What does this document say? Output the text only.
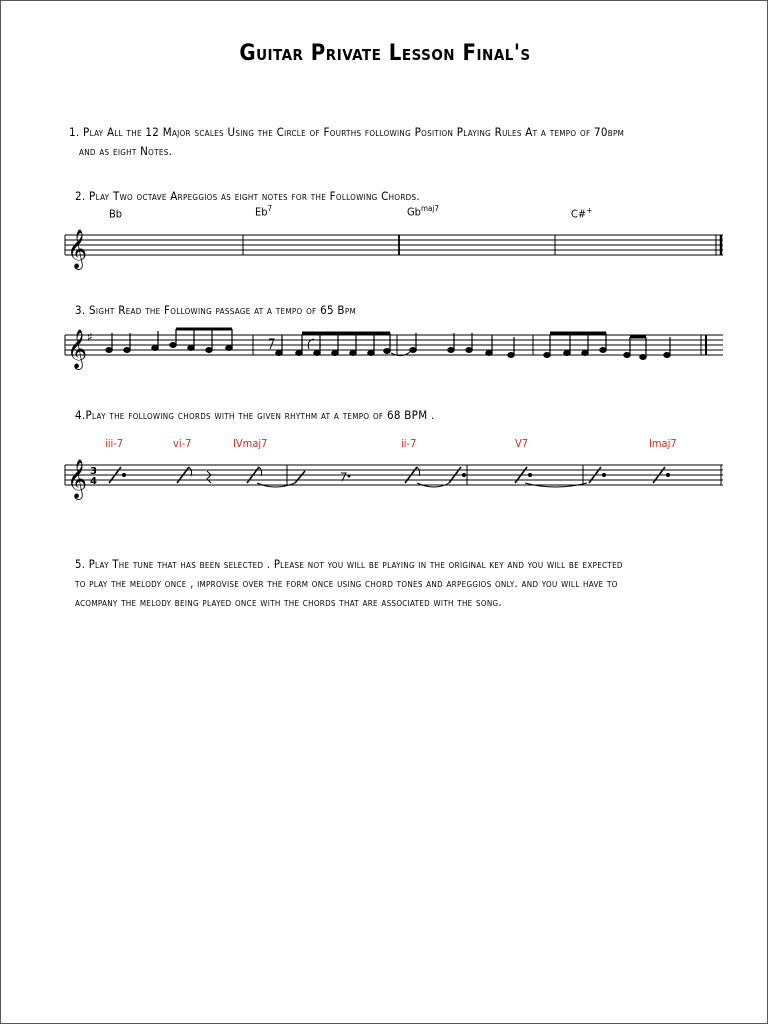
Guitar Private Lesson Final's
1. Play All the 12 Major scales Using the Circle of Fourths following Position Playing Rules At a tempo of 70bpm
and as eight Notes.
2. Play Two octave Arpeggios as eight notes for the Following Chords.
Bb	Eb$^7$	$Gb^{maj7}$	C#+
𝄞
3. Sight Read the Following passage at a tempo of 65 Bpm
𝄞 ♯
4.Play the following chords with the given rhythm at a tempo of 68 BPM .
iii-7	vi-7	IVmaj7	ii-7	V7	Imaj7
𝄞 3
4
5. Play The tune that has been selected . Please not you will be playing in the original key and you will be expected
to play the melody once , improvise over the form once using chord tones and arpeggios only. and you will have to
acompany the melody being played once with the chords that are associated with the song.
